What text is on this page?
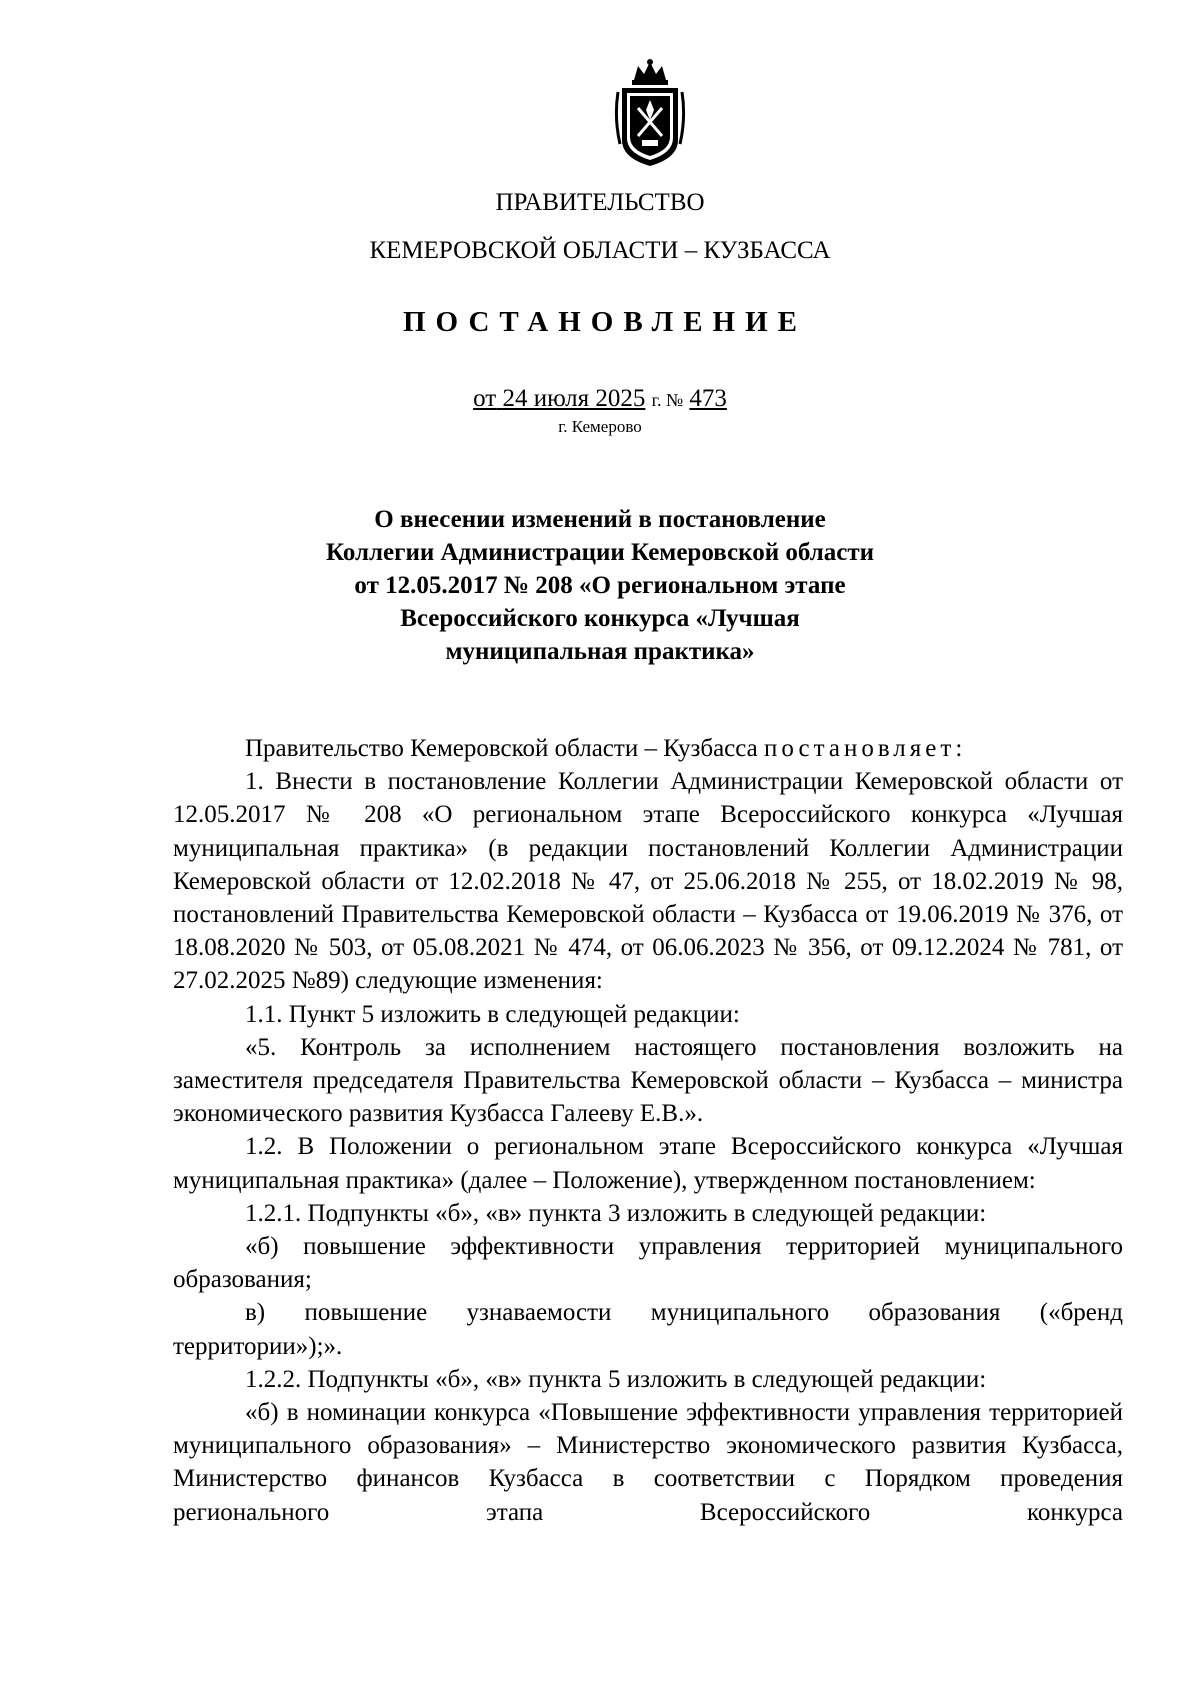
ПРАВИТЕЛЬСТВО
КЕМЕРОВСКОЙ ОБЛАСТИ – КУЗБАССА
ПОСТАНОВЛЕНИЕ
от 24 июля 2025 г. № 473
г. Кемерово
О внесении изменений в постановление
Коллегии Администрации Кемеровской области
от 12.05.2017 № 208 «О региональном этапе
Всероссийского конкурса «Лучшая
муниципальная практика»
Правительство Кемеровской области – Кузбасса постановляет:
1. Внести в постановление Коллегии Администрации Кемеровской области от 12.05.2017 № 208 «О региональном этапе Всероссийского конкурса «Лучшая муниципальная практика» (в редакции постановлений Коллегии Администрации Кемеровской области от 12.02.2018 № 47, от 25.06.2018 № 255, от 18.02.2019 № 98, постановлений Правительства Кемеровской области – Кузбасса от 19.06.2019 № 376, от 18.08.2020 № 503, от 05.08.2021 № 474, от 06.06.2023 № 356, от 09.12.2024 № 781, от 27.02.2025 №89) следующие изменения:
1.1. Пункт 5 изложить в следующей редакции:
«5. Контроль за исполнением настоящего постановления возложить на заместителя председателя Правительства Кемеровской области – Кузбасса – министра экономического развития Кузбасса Галееву Е.В.».
1.2. В Положении о региональном этапе Всероссийского конкурса «Лучшая муниципальная практика» (далее – Положение), утвержденном постановлением:
1.2.1. Подпункты «б», «в» пункта 3 изложить в следующей редакции:
«б) повышение эффективности управления территорией муниципального образования;
в) повышение узнаваемости муниципального образования («бренд территории»);».
1.2.2. Подпункты «б», «в» пункта 5 изложить в следующей редакции:
«б) в номинации конкурса «Повышение эффективности управления территорией муниципального образования» – Министерство экономического развития Кузбасса, Министерство финансов Кузбасса в соответствии с Порядком проведения регионального этапа Всероссийского конкурса
